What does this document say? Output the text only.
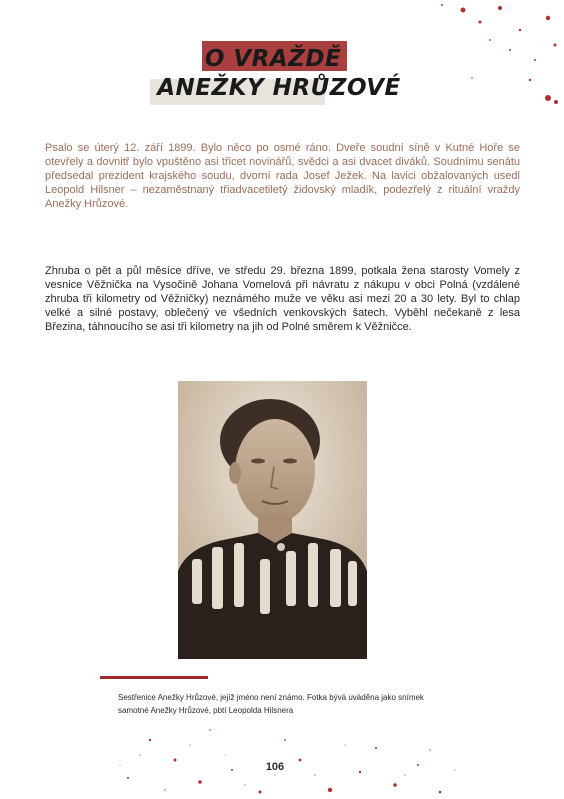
O VRAŽDĚ
ANEŽKY HRŮZOVÉ

Psalo se úterý 12. září 1899. Bylo něco po osmé ráno. Dveře soudní síně v Kutné Hoře se otevřely a dovnitř bylo vpuštěno asi třicet novinářů, svědci a asi dvacet diváků. Soudnímu senátu předsedal prezident krajského soudu, dvorní rada Josef Ježek. Na lavici obžalovaných usedl Leopold Hilsner – nezaměstnaný třiadvacetiletý židovský mladík, podezřelý z rituální vraždy Anežky Hrůzové.

Zhruba o pět a půl měsíce dříve, ve středu 29. března 1899, potkala žena starosty Vomely z vesnice Věžnička na Vysočině Johana Vomelová při návratu z nákupu v obci Polná (vzdálené zhruba tři kilometry od Věžničky) neznámého muže ve věku asi mezi 20 a 30 lety. Byl to chlap velké a silné postavy, oblečený ve všedních venkovských šatech. Vyběhl nečekaně z lesa Březina, táhnoucího se asi tři kilometry na jih od Polné směrem k Věžničce.

Sestřenice Anežky Hrůzové, jejíž jméno není známo. Fotka bývá uváděna jako snímek samotné Anežky Hrůzové, pbtí Leopolda Hilsnera

106
